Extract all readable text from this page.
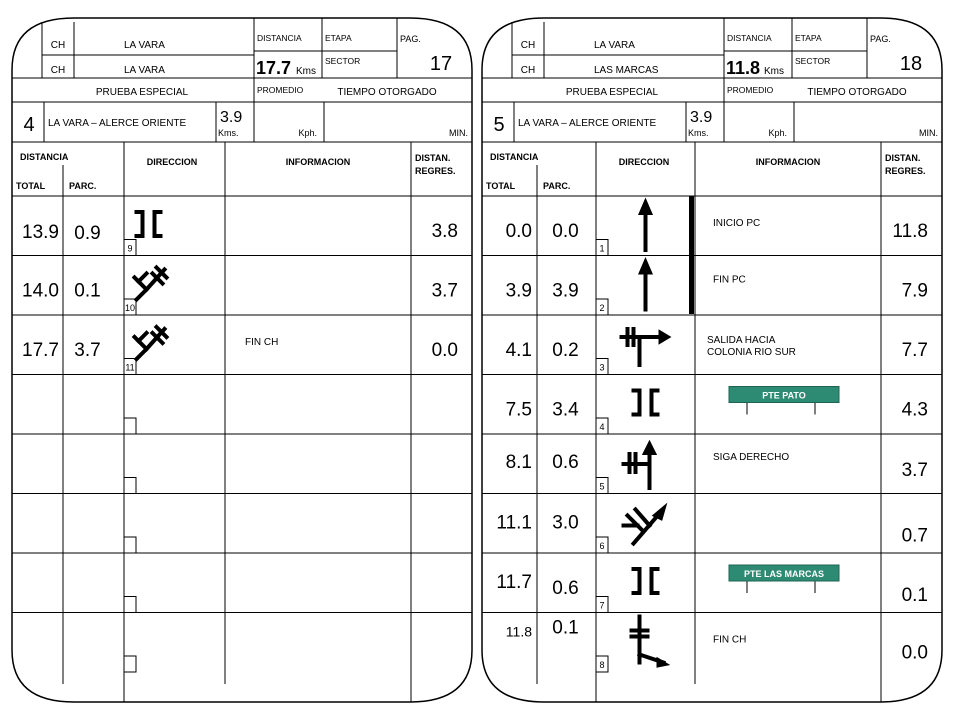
CH	LA VARA
CH	LA VARA
DISTANCIA
17.7 Kms
ETAPA
SECTOR
PAG.
17
PRUEBA ESPECIAL	PROMEDIO	TIEMPO OTORGADO
4 LA VARA – ALERCE ORIENTE 3.9
Kms.	Kph.	MIN.
DISTANCIA
TOTAL	PARC.
DIRECCION	INFORMACION	DISTAN.
REGRES.
9
13.9 0.9	3.8
10
14.0 0.1	3.7
11
17.7 3.7	0.0
FIN CH
CH	LA VARA
CH	LAS MARCAS
DISTANCIA
11.8 Kms
ETAPA
SECTOR
PAG.
18
PRUEBA ESPECIAL	PROMEDIO	TIEMPO OTORGADO
5 LA VARA – ALERCE ORIENTE 3.9
Kms.	Kph.	MIN.
DISTANCIA
TOTAL	PARC.
DIRECCION	INFORMACION	DISTAN.
REGRES.
1
0.0 0.0	11.8
INICIO PC
2
3.9 3.9	7.9
FIN PC
3
4.1 0.2	7.7
SALIDA HACIA COLONIA RIO SUR
4
7.5 3.4	4.3
PTE PATO
5
8.1 0.6	3.7
SIGA DERECHO
6
11.1 3.0
0.7
7
11.7 0.6	0.1
PTE LAS MARCAS
8
11.8 0.1
0.0
FIN CH
